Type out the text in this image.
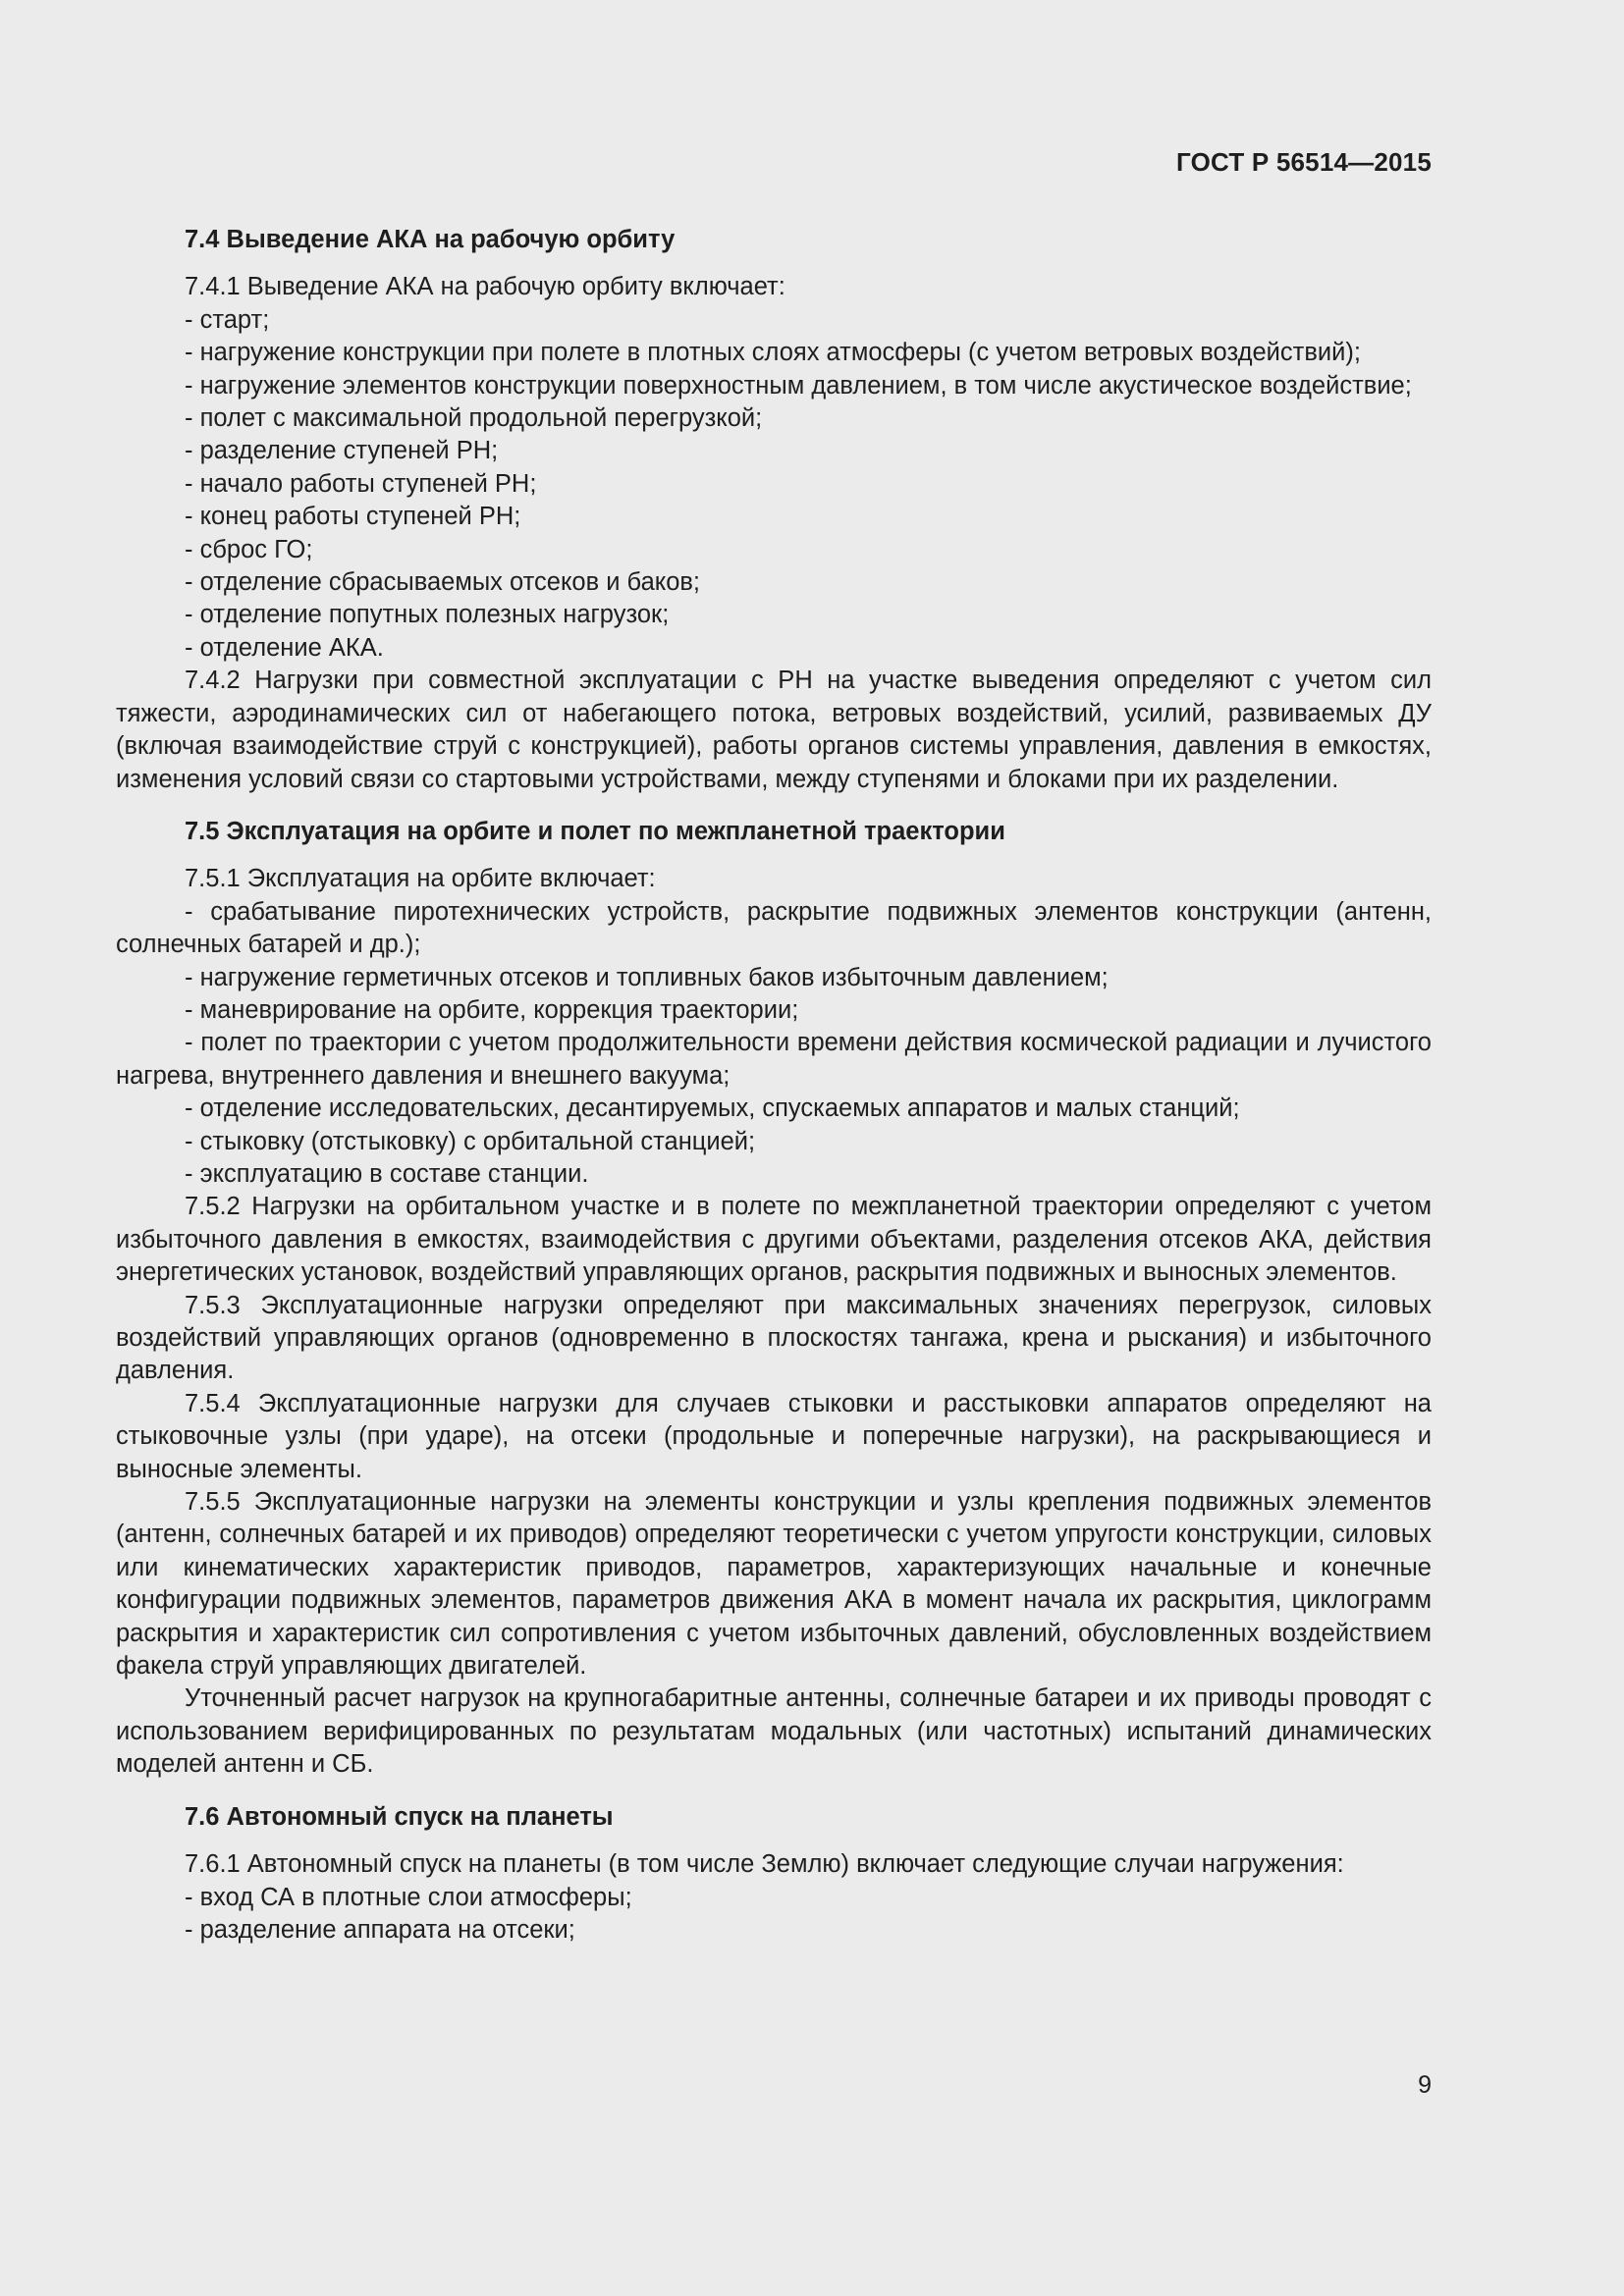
ГОСТ Р 56514—2015
7.4 Выведение АКА на рабочую орбиту

7.4.1 Выведение АКА на рабочую орбиту включает:

- старт;

- нагружение конструкции при полете в плотных слоях атмосферы (с учетом ветровых воздействий);

- нагружение элементов конструкции поверхностным давлением, в том числе акустическое воздействие;

- полет с максимальной продольной перегрузкой;

- разделение ступеней РН;

- начало работы ступеней РН;

- конец работы ступеней РН;

- сброс ГО;

- отделение сбрасываемых отсеков и баков;

- отделение попутных полезных нагрузок;

- отделение АКА.

7.4.2 Нагрузки при совместной эксплуатации с РН на участке выведения определяют с учетом сил тяжести, аэродинамических сил от набегающего потока, ветровых воздействий, усилий, развиваемых ДУ (включая взаимодействие струй с конструкцией), работы органов системы управления, давления в емкостях, изменения условий связи со стартовыми устройствами, между ступенями и блоками при их разделении.

7.5 Эксплуатация на орбите и полет по межпланетной траектории

7.5.1 Эксплуатация на орбите включает:

- срабатывание пиротехнических устройств, раскрытие подвижных элементов конструкции (антенн, солнечных батарей и др.);

- нагружение герметичных отсеков и топливных баков избыточным давлением;

- маневрирование на орбите, коррекция траектории;

- полет по траектории с учетом продолжительности времени действия космической радиации и лучистого нагрева, внутреннего давления и внешнего вакуума;

- отделение исследовательских, десантируемых, спускаемых аппаратов и малых станций;

- стыковку (отстыковку) с орбитальной станцией;

- эксплуатацию в составе станции.

7.5.2 Нагрузки на орбитальном участке и в полете по межпланетной траектории определяют с учетом избыточного давления в емкостях, взаимодействия с другими объектами, разделения отсеков АКА, действия энергетических установок, воздействий управляющих органов, раскрытия подвижных и выносных элементов.

7.5.3 Эксплуатационные нагрузки определяют при максимальных значениях перегрузок, силовых воздействий управляющих органов (одновременно в плоскостях тангажа, крена и рыскания) и избыточного давления.

7.5.4 Эксплуатационные нагрузки для случаев стыковки и расстыковки аппаратов определяют на стыковочные узлы (при ударе), на отсеки (продольные и поперечные нагрузки), на раскрывающиеся и выносные элементы.

7.5.5 Эксплуатационные нагрузки на элементы конструкции и узлы крепления подвижных элементов (антенн, солнечных батарей и их приводов) определяют теоретически с учетом упругости конструкции, силовых или кинематических характеристик приводов, параметров, характеризующих начальные и конечные конфигурации подвижных элементов, параметров движения АКА в момент начала их раскрытия, циклограмм раскрытия и характеристик сил сопротивления с учетом избыточных давлений, обусловленных воздействием факела струй управляющих двигателей.

Уточненный расчет нагрузок на крупногабаритные антенны, солнечные батареи и их приводы проводят с использованием верифицированных по результатам модальных (или частотных) испытаний динамических моделей антенн и СБ.

7.6 Автономный спуск на планеты

7.6.1 Автономный спуск на планеты (в том числе Землю) включает следующие случаи нагружения:

- вход СА в плотные слои атмосферы;

- разделение аппарата на отсеки;

9
